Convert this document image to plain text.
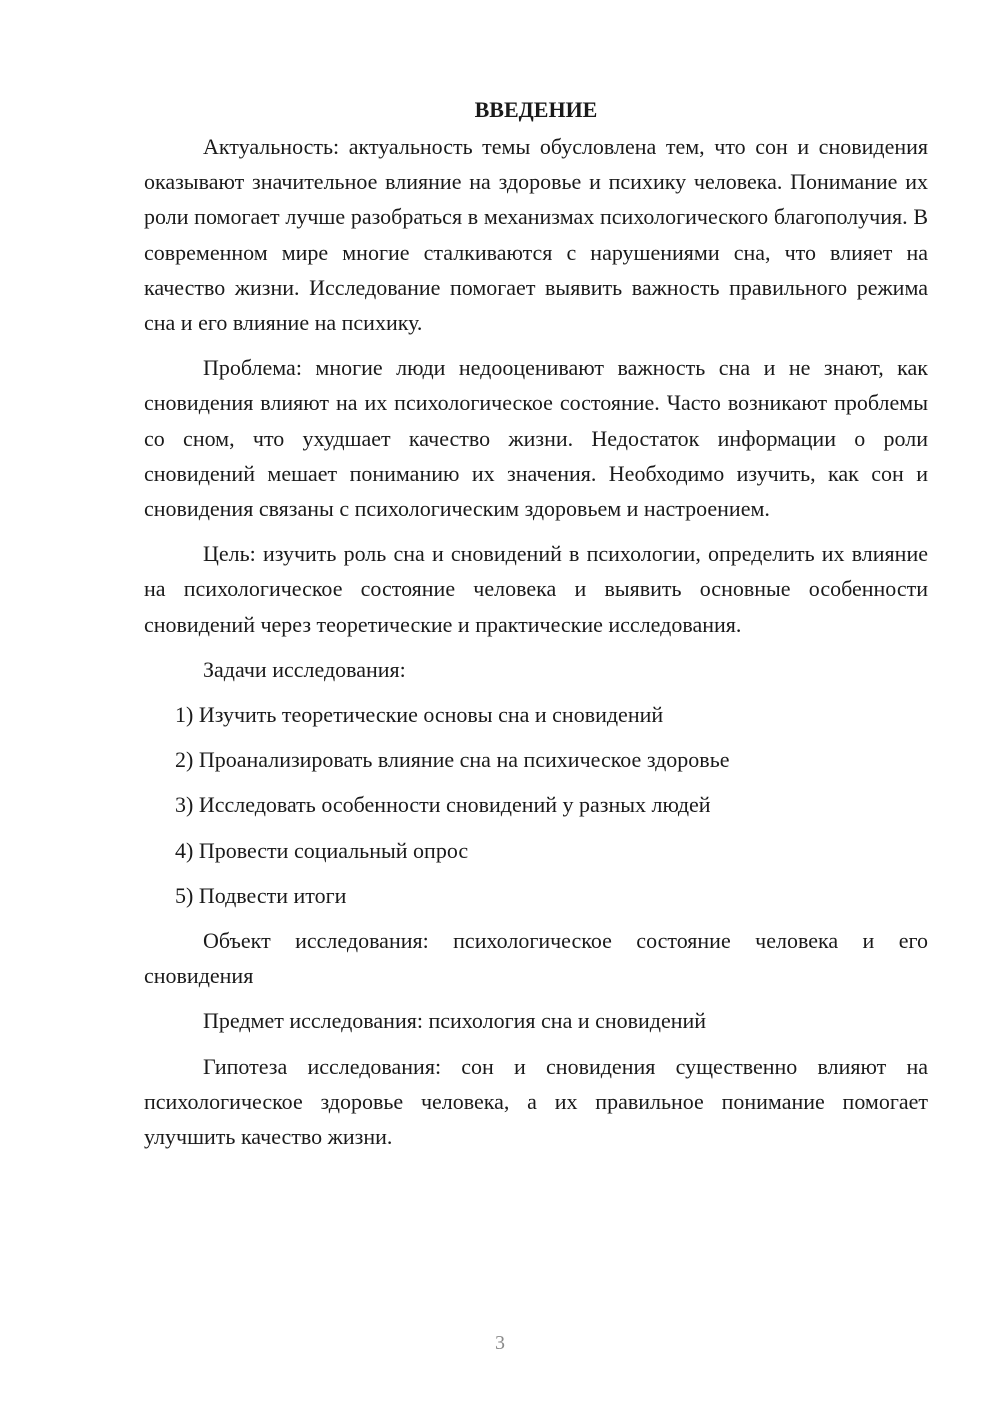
ВВЕДЕНИЕ

Актуальность: актуальность темы обусловлена тем, что сон и сновидения оказывают значительное влияние на здоровье и психику человека. Понимание их роли помогает лучше разобраться в механизмах психологического благополучия. В современном мире многие сталкиваются с нарушениями сна, что влияет на качество жизни. Исследование помогает выявить важность правильного режима сна и его влияние на психику.

Проблема: многие люди недооценивают важность сна и не знают, как сновидения влияют на их психологическое состояние. Часто возникают проблемы со сном, что ухудшает качество жизни. Недостаток информации о роли сновидений мешает пониманию их значения. Необходимо изучить, как сон и сновидения связаны с психологическим здоровьем и настроением.

Цель: изучить роль сна и сновидений в психологии, определить их влияние на психологическое состояние человека и выявить основные особенности сновидений через теоретические и практические исследования.

Задачи исследования:
1) Изучить теоретические основы сна и сновидений
2) Проанализировать влияние сна на психическое здоровье
3) Исследовать особенности сновидений у разных людей
4) Провести социальный опрос
5) Подвести итоги

Объект исследования: психологическое состояние человека и его сновидения

Предмет исследования: психология сна и сновидений

Гипотеза исследования: сон и сновидения существенно влияют на психологическое здоровье человека, а их правильное понимание помогает улучшить качество жизни.

3
